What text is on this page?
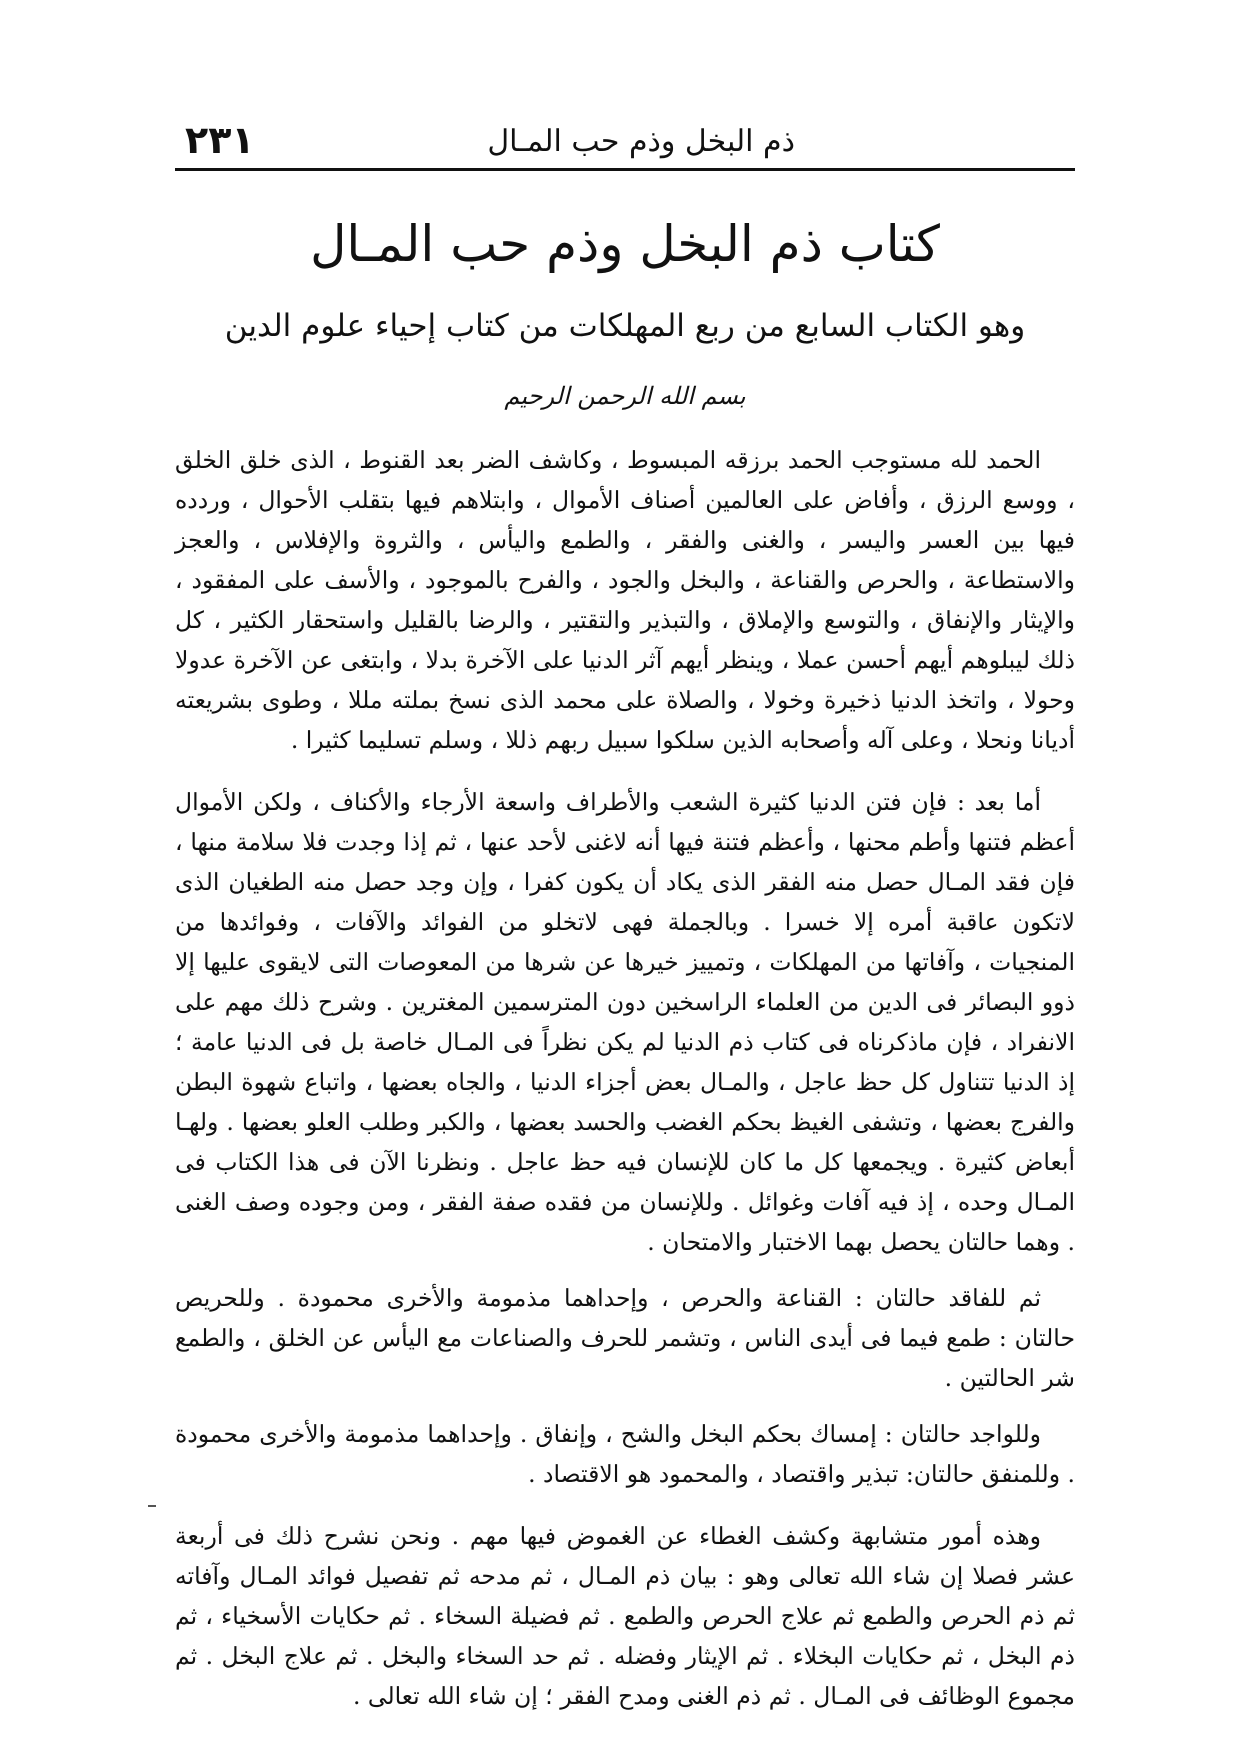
ذم البخل وذم حب المـال
٢٣١
كتاب ذم البخل وذم حب المـال
وهو الكتاب السابع من ربع المهلكات من كتاب إحياء علوم الدين
بسم الله الرحمن الرحيم

الحمد لله مستوجب الحمد برزقه المبسوط ، وكاشف الضر بعد القنوط ، الذى خلق الخلق ، ووسع الرزق ، وأفاض على العالمين أصناف الأموال ، وابتلاهم فيها بتقلب الأحوال ، وردده فيها بين العسر واليسر ، والغنى والفقر ، والطمع واليأس ، والثروة والإفلاس ، والعجز والاستطاعة ، والحرص والقناعة ، والبخل والجود ، والفرح بالموجود ، والأسف على المفقود ، والإيثار والإنفاق ، والتوسع والإملاق ، والتبذير والتقتير ، والرضا بالقليل واستحقار الكثير ، كل ذلك ليبلوهم أيهم أحسن عملا ، وينظر أيهم آثر الدنيا على الآخرة بدلا ، وابتغى عن الآخرة عدولا وحولا ، واتخذ الدنيا ذخيرة وخولا ، والصلاة على محمد الذى نسخ بملته مللا ، وطوى بشريعته أديانا ونحلا ، وعلى آله وأصحابه الذين سلكوا سبيل ربهم ذللا ، وسلم تسليما كثيرا .

أما بعد : فإن فتن الدنيا كثيرة الشعب والأطراف واسعة الأرجاء والأكناف ، ولكن الأموال أعظم فتنها وأطم محنها ، وأعظم فتنة فيها أنه لاغنى لأحد عنها ، ثم إذا وجدت فلا سلامة منها ، فإن فقد المـال حصل منه الفقر الذى يكاد أن يكون كفرا ، وإن وجد حصل منه الطغيان الذى لاتكون عاقبة أمره إلا خسرا . وبالجملة فهى لاتخلو من الفوائد والآفات ، وفوائدها من المنجيات ، وآفاتها من المهلكات ، وتمييز خيرها عن شرها من المعوصات التى لايقوى عليها إلا ذوو البصائر فى الدين من العلماء الراسخين دون المترسمين المغترين . وشرح ذلك مهم على الانفراد ، فإن ماذكرناه فى كتاب ذم الدنيا لم يكن نظراً فى المـال خاصة بل فى الدنيا عامة ؛ إذ الدنيا تتناول كل حظ عاجل ، والمـال بعض أجزاء الدنيا ، والجاه بعضها ، واتباع شهوة البطن والفرج بعضها ، وتشفى الغيظ بحكم الغضب والحسد بعضها ، والكبر وطلب العلو بعضها . ولهـا أبعاض كثيرة . ويجمعها كل ما كان للإنسان فيه حظ عاجل . ونظرنا الآن فى هذا الكتاب فى المـال وحده ، إذ فيه آفات وغوائل . وللإنسان من فقده صفة الفقر ، ومن وجوده وصف الغنى . وهما حالتان يحصل بهما الاختبار والامتحان .

ثم للفاقد حالتان : القناعة والحرص ، وإحداهما مذمومة والأخرى محمودة . وللحريص حالتان : طمع فيما فى أيدى الناس ، وتشمر للحرف والصناعات مع اليأس عن الخلق ، والطمع شر الحالتين .

وللواجد حالتان : إمساك بحكم البخل والشح ، وإنفاق . وإحداهما مذمومة والأخرى محمودة . وللمنفق حالتان: تبذير واقتصاد ، والمحمود هو الاقتصاد .

وهذه أمور متشابهة وكشف الغطاء عن الغموض فيها مهم . ونحن نشرح ذلك فى أربعة عشر فصلا إن شاء الله تعالى وهو : بيان ذم المـال ، ثم مدحه ثم تفصيل فوائد المـال وآفاته ثم ذم الحرص والطمع ثم علاج الحرص والطمع . ثم فضيلة السخاء . ثم حكايات الأسخياء ، ثم ذم البخل ، ثم حكايات البخلاء . ثم الإيثار وفضله . ثم حد السخاء والبخل . ثم علاج البخل . ثم مجموع الوظائف فى المـال . ثم ذم الغنى ومدح الفقر ؛ إن شاء الله تعالى .
